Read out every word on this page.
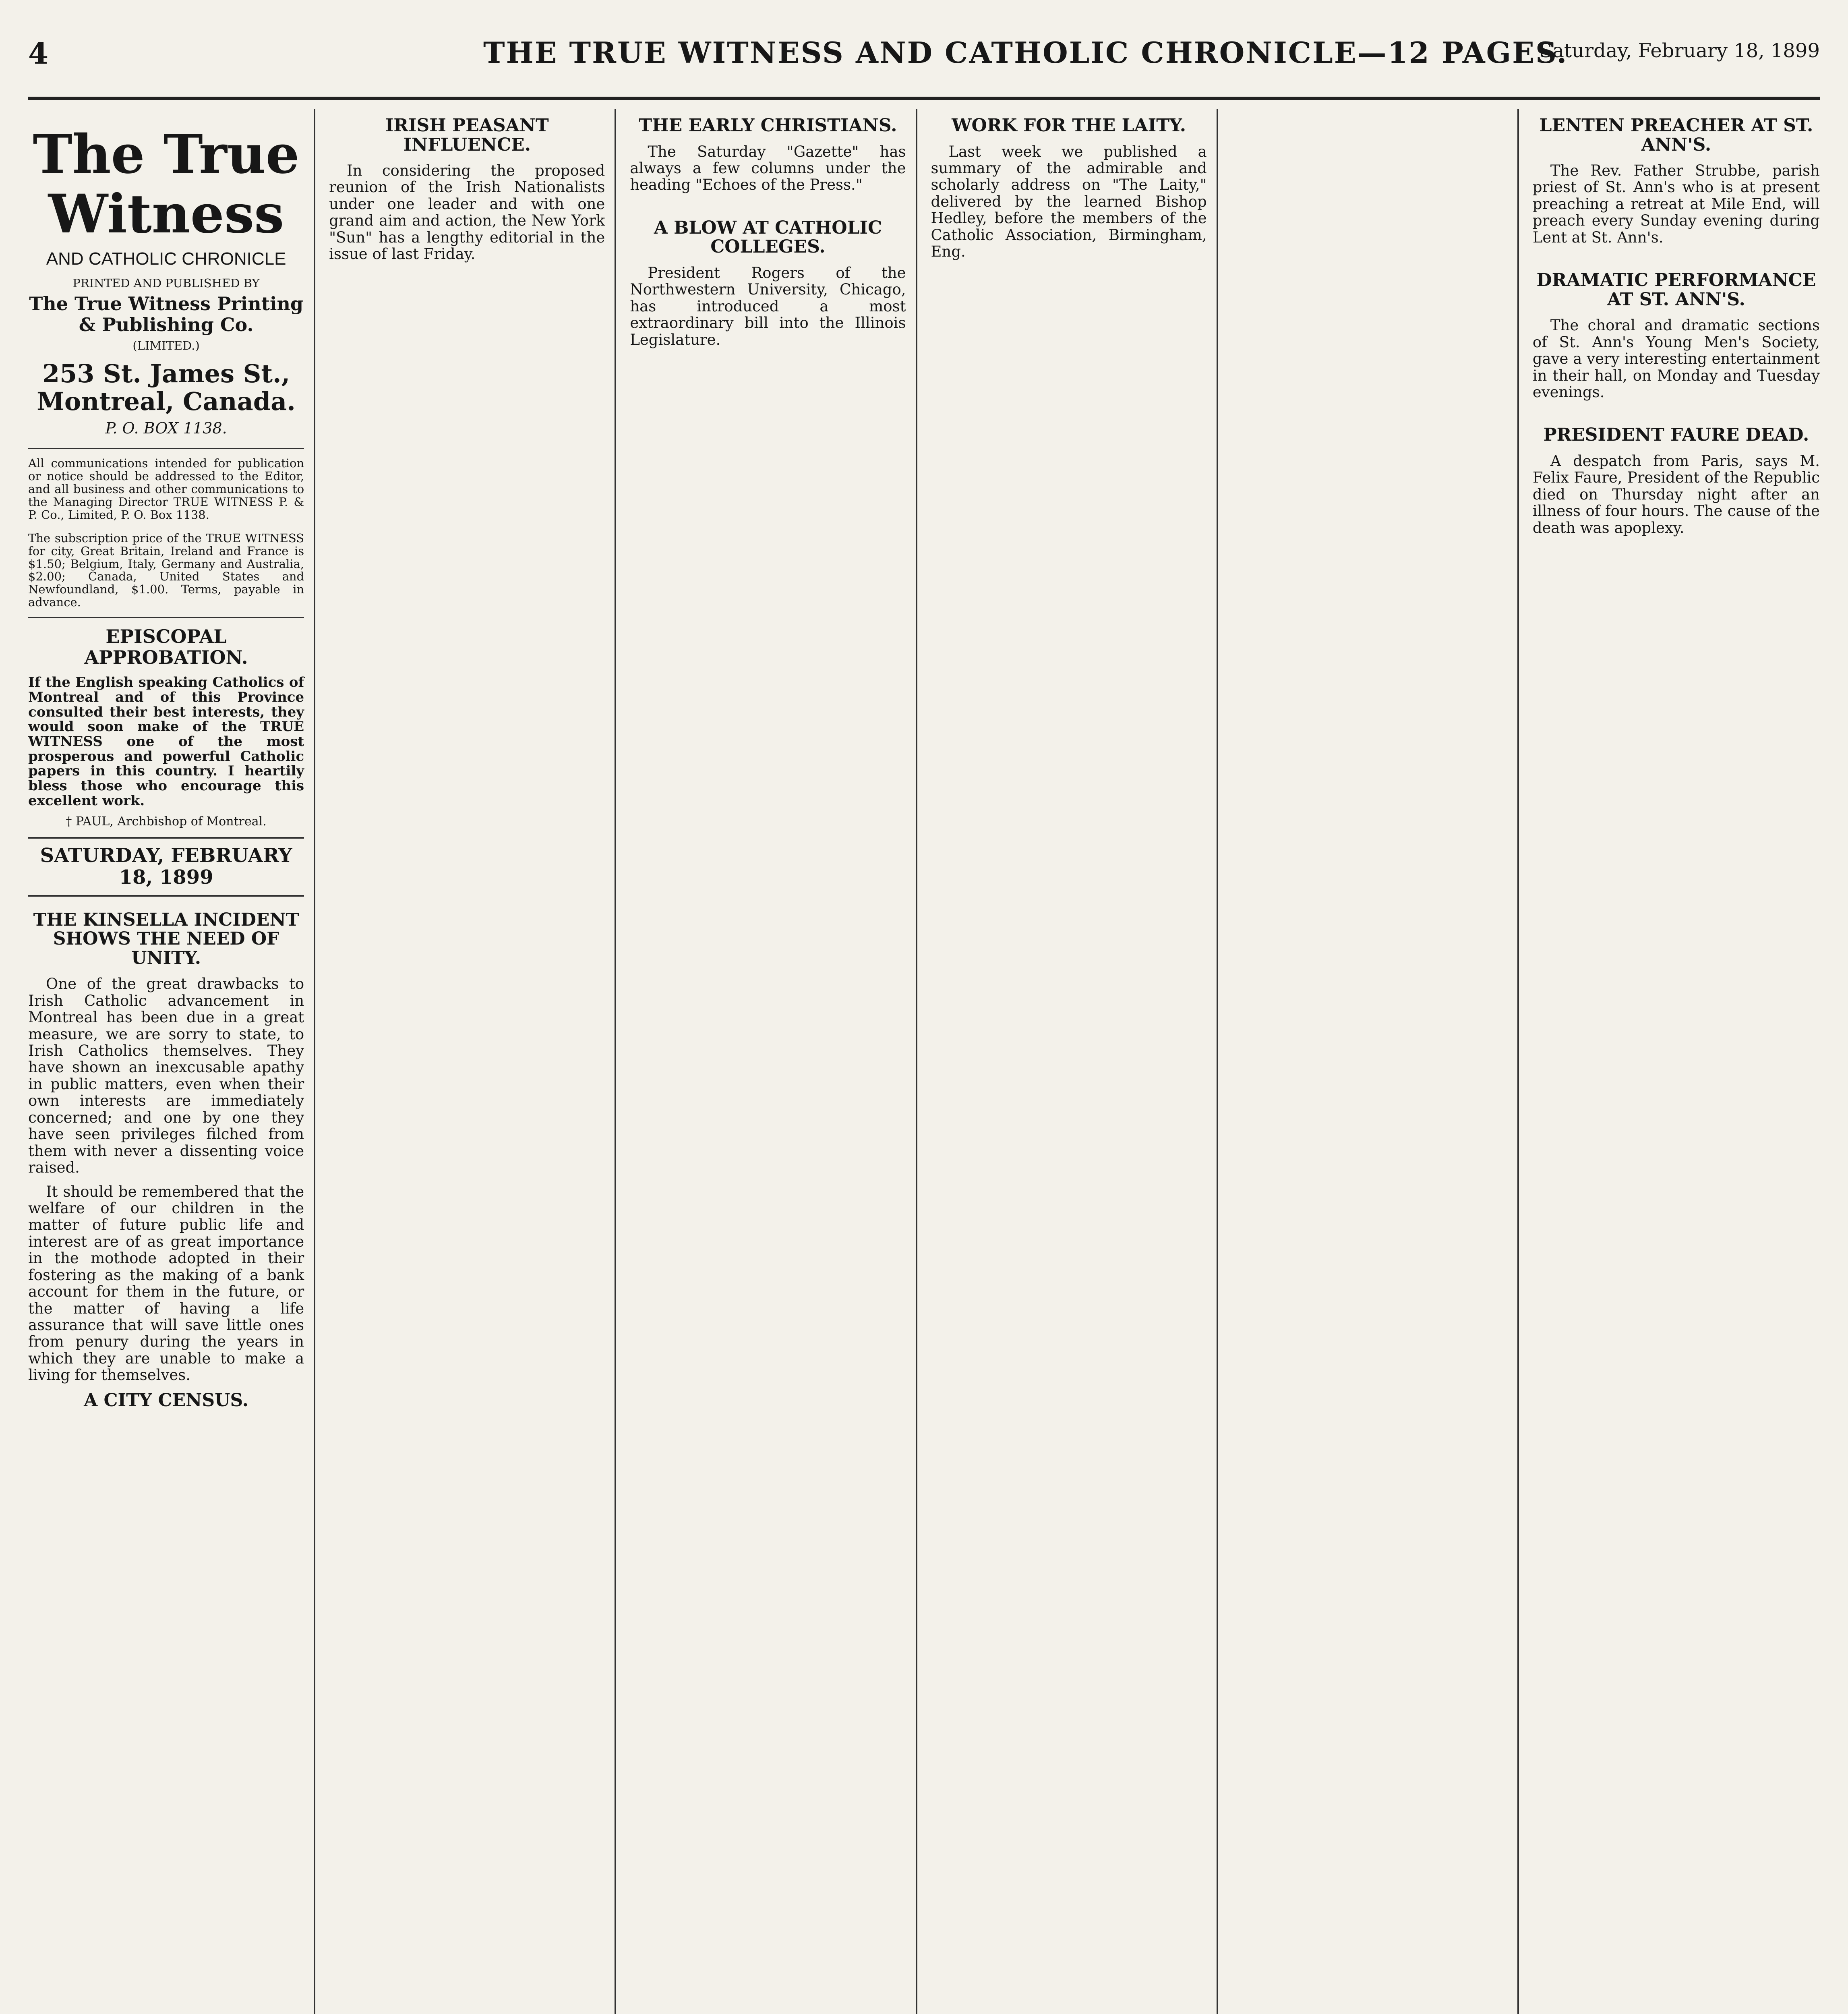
4	THE TRUE WITNESS AND CATHOLIC CHRONICLE—12 PAGES.
Saturday, February 18, 1899
The True Witness
AND CATHOLIC CHRONICLE
PRINTED AND PUBLISHED BY
The True Witness Printing & Publishing Co.
(LIMITED.)
253 St. James St., Montreal, Canada.
P. O. BOX 1138.
All communications intended for publication or notice should be addressed to the Editor, and all business and other communications to the Managing Director TRUE WITNESS P. & P. Co., Limited, P. O. Box 1138.
The subscription price of the TRUE WITNESS for city, Great Britain, Ireland and France is $1.50; Belgium, Italy, Germany and Australia, $2.00; Canada, United States and Newfoundland, $1.00. Terms, payable in advance.
EPISCOPAL APPROBATION.
If the English speaking Catholics of Montreal and of this Province consulted their best interests, they would soon make of the TRUE WITNESS one of the most prosperous and powerful Catholic papers in this country. I heartily bless those who encourage this excellent work.
† PAUL, Archbishop of Montreal.
SATURDAY, FEBRUARY 18, 1899
THE KINSELLA INCIDENT SHOWS THE NEED OF UNITY.

One of the great drawbacks to Irish Catholic advancement in Montreal has been due in a great measure, we are sorry to state, to Irish Catholics themselves. They have shown an inexcusable apathy in public matters, even when their own interests are immediately concerned; and one by one they have seen privileges filched from them with never a dissenting voice raised.

It should be remembered that the welfare of our children in the matter of future public life and interest are of as great importance in the mothode adopted in their fostering as the making of a bank account for them in the future, or the matter of having a life assurance that will save little ones from penury during the years in which they are unable to make a living for themselves.

A CITY CENSUS.
IRISH PEASANT INFLUENCE.

In considering the proposed reunion of the Irish Nationalists under one leader and with one grand aim and action, the New York "Sun" has a lengthy editorial in the issue of last Friday.

THE EARLY CHRISTIANS.

The Saturday "Gazette" has always a few columns under the heading "Echoes of the Press."

A BLOW AT CATHOLIC COLLEGES.

President Rogers of the Northwestern University, Chicago, has introduced a most extraordinary bill into the Illinois Legislature.

WORK FOR THE LAITY.

Last week we published a summary of the admirable and scholarly address on "The Laity," delivered by the learned Bishop Hedley, before the members of the Catholic Association, Birmingham, Eng.

LENTEN PREACHER AT ST. ANN'S.

The Rev. Father Strubbe, parish priest of St. Ann's who is at present preaching a retreat at Mile End, will preach every Sunday evening during Lent at St. Ann's.

DRAMATIC PERFORMANCE AT ST. ANN'S.

The choral and dramatic sections of St. Ann's Young Men's Society, gave a very interesting entertainment in their hall, on Monday and Tuesday evenings.

PRESIDENT FAURE DEAD.

A despatch from Paris, says M. Felix Faure, President of the Republic died on Thursday night after an illness of four hours. The cause of the death was apoplexy.
